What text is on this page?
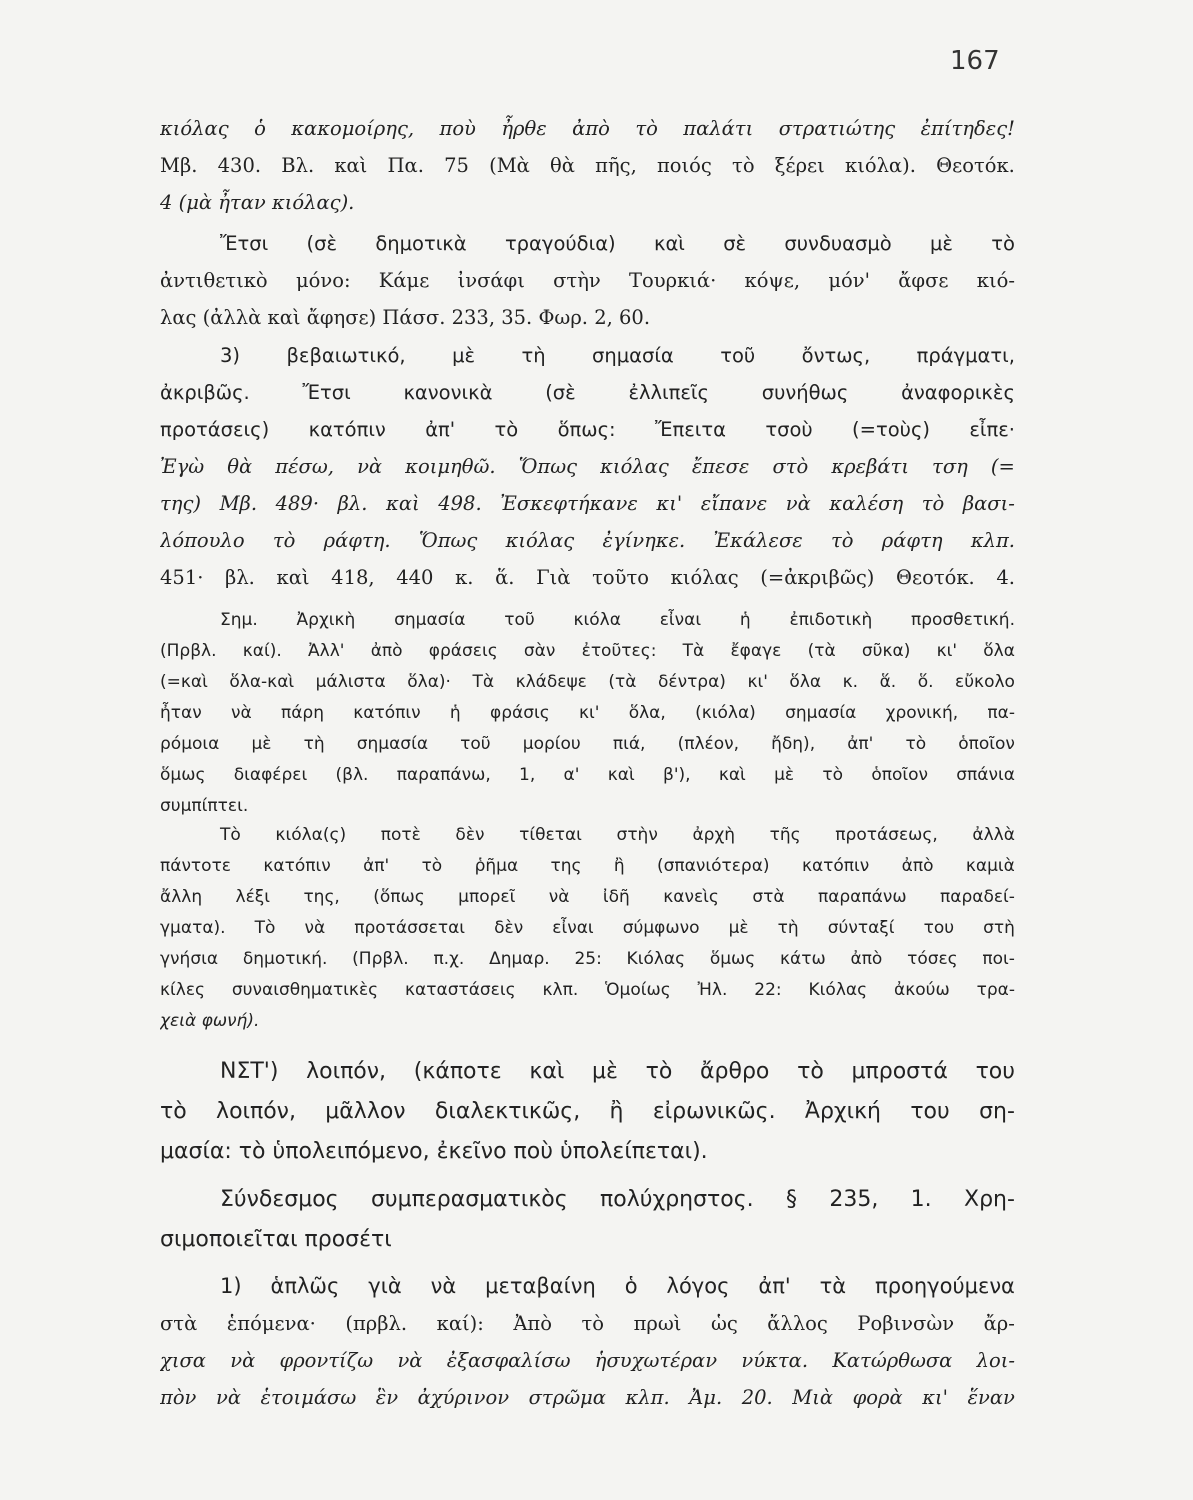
167
κιόλας ὁ κακομοίρης, ποὺ ἦρθε ἀπὸ τὸ παλάτι στρατιώτης ἐπίτηδες!
Μβ. 430. Βλ. καὶ Πα. 75 (Μὰ θὰ πῆς, ποιός τὸ ξέρει κιόλα). Θεοτόκ.
4 (μὰ ἦταν κιόλας).
Ἔτσι (σὲ δημοτικὰ τραγούδια) καὶ σὲ συνδυασμὸ μὲ τὸ
ἀντιθετικὸ μόνο: Κάμε ἰνσάφι στὴν Τουρκιά· κόψε, μόν' ἄφσε κιό-
λας (ἀλλὰ καὶ ἄφησε) Πάσσ. 233, 35. Φωρ. 2, 60.
3) βεβαιωτικό, μὲ τὴ σημασία τοῦ ὄντως, πράγματι,
ἀκριβῶς.	Ἔτσι	κανονικὰ	(σὲ	ἐλλιπεῖς	συνήθως	ἀναφορικὲς
προτάσεις) κατόπιν ἀπ' τὸ ὅπως: Ἔπειτα τσοὺ (=τοὺς) εἶπε·
Ἐγὼ θὰ πέσω, νὰ κοιμηθῶ. Ὅπως κιόλας ἔπεσε στὸ κρεβάτι τση (=
της) Μβ. 489· βλ. καὶ 498. Ἐσκεφτήκανε κι' εἴπανε νὰ καλέση τὸ βασι-
λόπουλο τὸ ράφτη. Ὅπως κιόλας ἐγίνηκε. Ἐκάλεσε τὸ ράφτη κλπ.
451· βλ. καὶ 418, 440 κ. ἅ. Γιὰ τοῦτο κιόλας (=ἀκριβῶς) Θεοτόκ. 4.
Σημ. Ἀρχικὴ σημασία τοῦ κιόλα εἶναι ἡ ἐπιδοτικὴ προσθετική.
(Πρβλ. καί). Ἀλλ' ἀπὸ φράσεις σὰν ἐτοῦτες: Τὰ ἔφαγε (τὰ σῦκα) κι' ὅλα
(=καὶ ὅλα-καὶ μάλιστα ὅλα)· Τὰ κλάδεψε (τὰ δέντρα) κι' ὅλα κ. ἅ. ὅ. εὔκολο
ἦταν νὰ πάρη κατόπιν ἡ φράσις κι' ὅλα, (κιόλα) σημασία χρονική, πα-
ρόμοια μὲ τὴ σημασία τοῦ μορίου πιά, (πλέον, ἤδη), ἀπ' τὸ ὁποῖον
ὅμως διαφέρει (βλ. παραπάνω, 1, α' καὶ β'), καὶ μὲ τὸ ὁποῖον σπάνια
συμπίπτει.
Τὸ κιόλα(ς) ποτὲ δὲν τίθεται στὴν ἀρχὴ τῆς προτάσεως, ἀλλὰ
πάντοτε κατόπιν ἀπ' τὸ ῥῆμα της ἢ (σπανιότερα) κατόπιν ἀπὸ καμιὰ
ἄλλη λέξι της, (ὅπως μπορεῖ νὰ ἰδῆ κανεὶς στὰ παραπάνω παραδεί-
γματα). Τὸ νὰ προτάσσεται δὲν εἶναι σύμφωνο μὲ τὴ σύνταξί του στὴ
γνήσια δημοτική. (Πρβλ. π.χ. Δημαρ. 25: Κιόλας ὅμως κάτω ἀπὸ τόσες ποι-
κίλες συναισθηματικὲς καταστάσεις κλπ. Ὁμοίως Ἠλ. 22: Κιόλας ἀκούω τρα-
χειὰ φωνή).
ΝΣΤ') λοιπόν, (κάποτε καὶ μὲ τὸ ἄρθρο τὸ μπροστά του
τὸ λοιπόν, μᾶλλον διαλεκτικῶς, ἢ εἰρωνικῶς. Ἀρχική του ση-
μασία: τὸ ὑπολειπόμενο, ἐκεῖνο ποὺ ὑπολείπεται).
Σύνδεσμος συμπερασματικὸς πολύχρηστος. § 235, 1. Χρη-
σιμοποιεῖται προσέτι
1) ἁπλῶς γιὰ νὰ μεταβαίνη ὁ λόγος ἀπ' τὰ προηγούμενα
στὰ ἑπόμενα· (πρβλ. καί): Ἀπὸ τὸ πρωὶ ὡς ἄλλος Ροβινσὼν ἄρ-
χισα νὰ φροντίζω νὰ ἐξασφαλίσω ἡσυχωτέραν νύκτα. Κατώρθωσα λοι-
πὸν νὰ ἑτοιμάσω ἓν ἀχύρινον στρῶμα κλπ. Ἀμ. 20. Μιὰ φορὰ κι' ἕναν
